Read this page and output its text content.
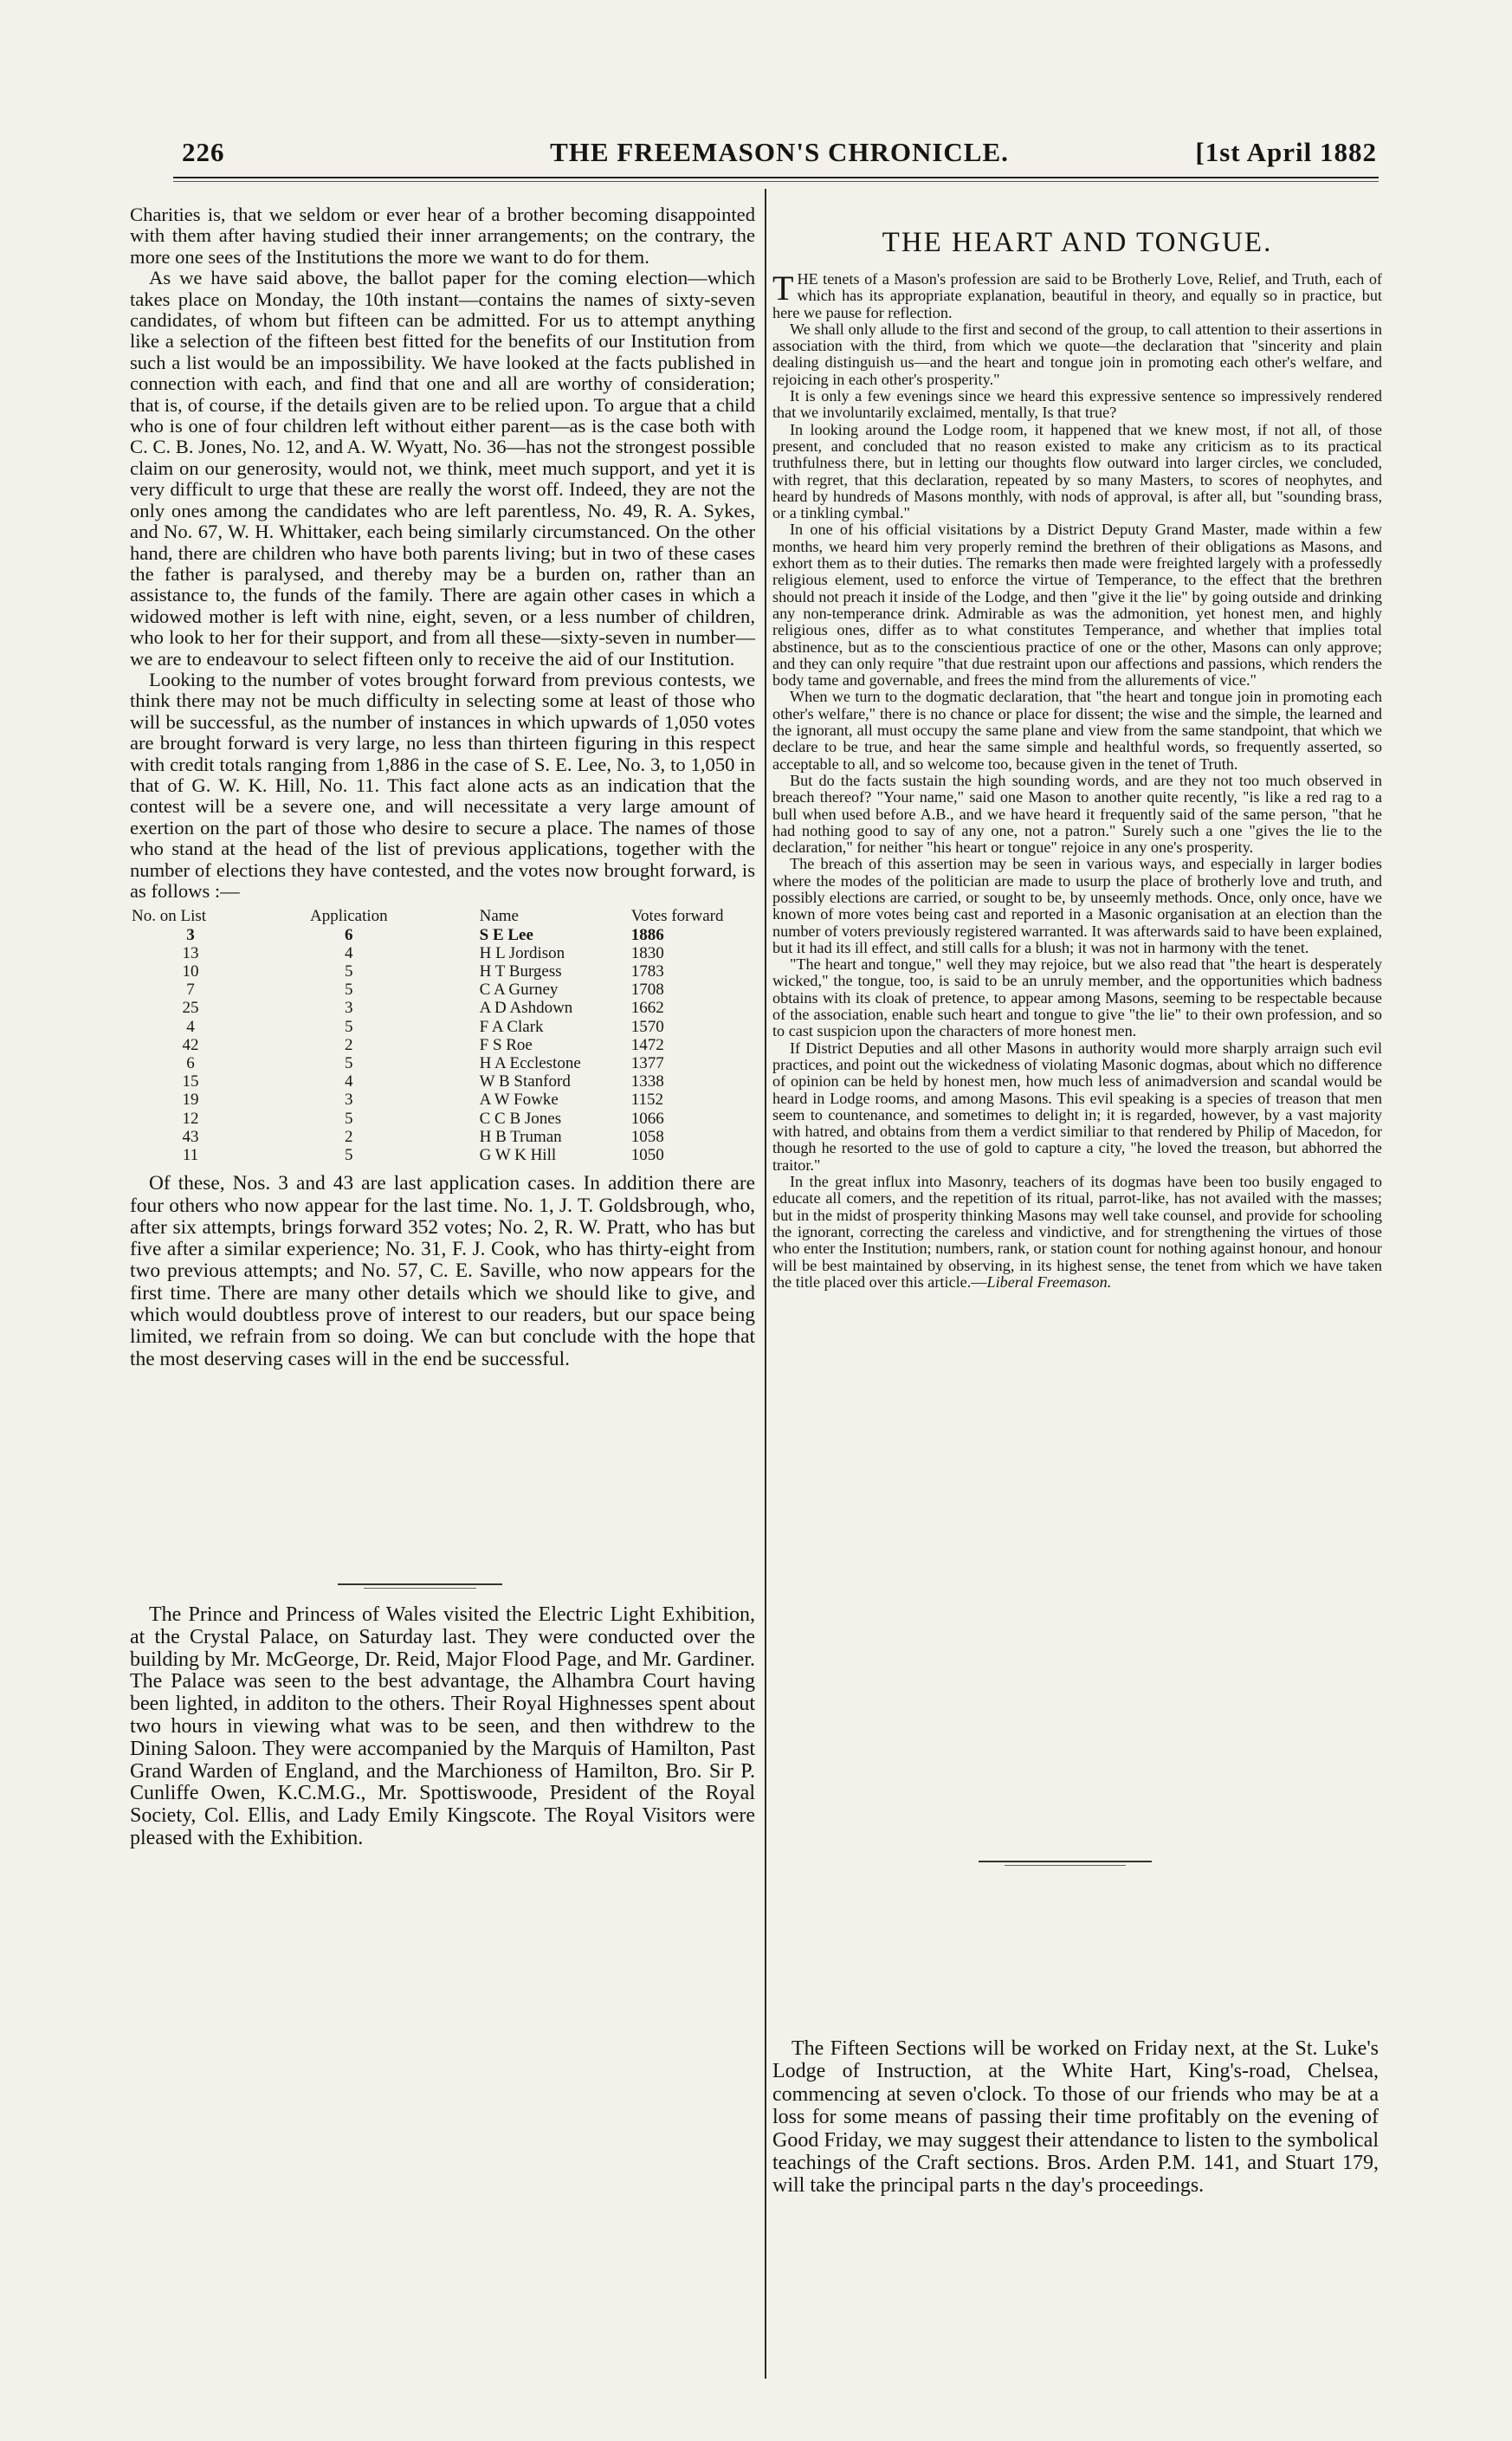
226	THE FREEMASON'S CHRONICLE.	[1st April 1882

Charities is, that we seldom or ever hear of a brother becoming disappointed with them after having studied their inner arrangements; on the contrary, the more one sees of the Institutions the more we want to do for them.

As we have said above, the ballot paper for the coming election—which takes place on Monday, the 10th instant—contains the names of sixty-seven candidates, of whom but fifteen can be admitted. For us to attempt anything like a selection of the fifteen best fitted for the benefits of our Institution from such a list would be an impossibility. We have looked at the facts published in connection with each, and find that one and all are worthy of consideration; that is, of course, if the details given are to be relied upon. To argue that a child who is one of four children left without either parent—as is the case both with C. C. B. Jones, No. 12, and A. W. Wyatt, No. 36—has not the strongest possible claim on our generosity, would not, we think, meet much support, and yet it is very difficult to urge that these are really the worst off. Indeed, they are not the only ones among the candidates who are left parentless, No. 49, R. A. Sykes, and No. 67, W. H. Whittaker, each being similarly circumstanced. On the other hand, there are children who have both parents living; but in two of these cases the father is paralysed, and thereby may be a burden on, rather than an assistance to, the funds of the family. There are again other cases in which a widowed mother is left with nine, eight, seven, or a less number of children, who look to her for their support, and from all these—sixty-seven in number—we are to endeavour to select fifteen only to receive the aid of our Institution.

Looking to the number of votes brought forward from previous contests, we think there may not be much difficulty in selecting some at least of those who will be successful, as the number of instances in which upwards of 1,050 votes are brought forward is very large, no less than thirteen figuring in this respect with credit totals ranging from 1,886 in the case of S. E. Lee, No. 3, to 1,050 in that of G. W. K. Hill, No. 11. This fact alone acts as an indication that the contest will be a severe one, and will necessitate a very large amount of exertion on the part of those who desire to secure a place. The names of those who stand at the head of the list of previous applications, together with the number of elections they have contested, and the votes now brought forward, is as follows :—

No. on List	Application	Name	Votes forward
3	6	S E Lee	1886
13	4	H L Jordison	1830
10	5	H T Burgess	1783
7	5	C A Gurney	1708
25	3	A D Ashdown	1662
4	5	F A Clark	1570
42	2	F S Roe	1472
6	5	H A Ecclestone	1377
15	4	W B Stanford	1338
19	3	A W Fowke	1152
12	5	C C B Jones	1066
43	2	H B Truman	1058
11	5	G W K Hill	1050

Of these, Nos. 3 and 43 are last application cases. In addition there are four others who now appear for the last time. No. 1, J. T. Goldsbrough, who, after six attempts, brings forward 352 votes; No. 2, R. W. Pratt, who has but five after a similar experience; No. 31, F. J. Cook, who has thirty-eight from two previous attempts; and No. 57, C. E. Saville, who now appears for the first time. There are many other details which we should like to give, and which would doubtless prove of interest to our readers, but our space being limited, we refrain from so doing. We can but conclude with the hope that the most deserving cases will in the end be successful.

The Prince and Princess of Wales visited the Electric Light Exhibition, at the Crystal Palace, on Saturday last. They were conducted over the building by Mr. McGeorge, Dr. Reid, Major Flood Page, and Mr. Gardiner. The Palace was seen to the best advantage, the Alhambra Court having been lighted, in additon to the others. Their Royal Highnesses spent about two hours in viewing what was to be seen, and then withdrew to the Dining Saloon. They were accompanied by the Marquis of Hamilton, Past Grand Warden of England, and the Marchioness of Hamilton, Bro. Sir P. Cunliffe Owen, K.C.M.G., Mr. Spottiswoode, President of the Royal Society, Col. Ellis, and Lady Emily Kingscote. The Royal Visitors were pleased with the Exhibition.

THE HEART AND TONGUE.

THE tenets of a Mason's profession are said to be Brotherly Love, Relief, and Truth, each of which has its appropriate explanation, beautiful in theory, and equally so in practice, but here we pause for reflection.

We shall only allude to the first and second of the group, to call attention to their assertions in association with the third, from which we quote—the declaration that "sincerity and plain dealing distinguish us—and the heart and tongue join in promoting each other's welfare, and rejoicing in each other's prosperity."

It is only a few evenings since we heard this expressive sentence so impressively rendered that we involuntarily exclaimed, mentally, Is that true?

In looking around the Lodge room, it happened that we knew most, if not all, of those present, and concluded that no reason existed to make any criticism as to its practical truthfulness there, but in letting our thoughts flow outward into larger circles, we concluded, with regret, that this declaration, repeated by so many Masters, to scores of neophytes, and heard by hundreds of Masons monthly, with nods of approval, is after all, but "sounding brass, or a tinkling cymbal."

In one of his official visitations by a District Deputy Grand Master, made within a few months, we heard him very properly remind the brethren of their obligations as Masons, and exhort them as to their duties. The remarks then made were freighted largely with a professedly religious element, used to enforce the virtue of Temperance, to the effect that the brethren should not preach it inside of the Lodge, and then "give it the lie" by going outside and drinking any non-temperance drink. Admirable as was the admonition, yet honest men, and highly religious ones, differ as to what constitutes Temperance, and whether that implies total abstinence, but as to the conscientious practice of one or the other, Masons can only approve; and they can only require "that due restraint upon our affections and passions, which renders the body tame and governable, and frees the mind from the allurements of vice."

When we turn to the dogmatic declaration, that "the heart and tongue join in promoting each other's welfare," there is no chance or place for dissent; the wise and the simple, the learned and the ignorant, all must occupy the same plane and view from the same standpoint, that which we declare to be true, and hear the same simple and healthful words, so frequently asserted, so acceptable to all, and so welcome too, because given in the tenet of Truth.

But do the facts sustain the high sounding words, and are they not too much observed in breach thereof? "Your name," said one Mason to another quite recently, "is like a red rag to a bull when used before A.B., and we have heard it frequently said of the same person, "that he had nothing good to say of any one, not a patron." Surely such a one "gives the lie to the declaration," for neither "his heart or tongue" rejoice in any one's prosperity.

The breach of this assertion may be seen in various ways, and especially in larger bodies where the modes of the politician are made to usurp the place of brotherly love and truth, and possibly elections are carried, or sought to be, by unseemly methods. Once, only once, have we known of more votes being cast and reported in a Masonic organisation at an election than the number of voters previously registered warranted. It was afterwards said to have been explained, but it had its ill effect, and still calls for a blush; it was not in harmony with the tenet.

"The heart and tongue," well they may rejoice, but we also read that "the heart is desperately wicked," the tongue, too, is said to be an unruly member, and the opportunities which badness obtains with its cloak of pretence, to appear among Masons, seeming to be respectable because of the association, enable such heart and tongue to give "the lie" to their own profession, and so to cast suspicion upon the characters of more honest men.

If District Deputies and all other Masons in authority would more sharply arraign such evil practices, and point out the wickedness of violating Masonic dogmas, about which no difference of opinion can be held by honest men, how much less of animadversion and scandal would be heard in Lodge rooms, and among Masons. This evil speaking is a species of treason that men seem to countenance, and sometimes to delight in; it is regarded, however, by a vast majority with hatred, and obtains from them a verdict similiar to that rendered by Philip of Macedon, for though he resorted to the use of gold to capture a city, "he loved the treason, but abhorred the traitor."

In the great influx into Masonry, teachers of its dogmas have been too busily engaged to educate all comers, and the repetition of its ritual, parrot-like, has not availed with the masses; but in the midst of prosperity thinking Masons may well take counsel, and provide for schooling the ignorant, correcting the careless and vindictive, and for strengthening the virtues of those who enter the Institution; numbers, rank, or station count for nothing against honour, and honour will be best maintained by observing, in its highest sense, the tenet from which we have taken the title placed over this article.—Liberal Freemason.

The Fifteen Sections will be worked on Friday next, at the St. Luke's Lodge of Instruction, at the White Hart, King's-road, Chelsea, commencing at seven o'clock. To those of our friends who may be at a loss for some means of passing their time profitably on the evening of Good Friday, we may suggest their attendance to listen to the symbolical teachings of the Craft sections. Bros. Arden P.M. 141, and Stuart 179, will take the principal parts n the day's proceedings.
